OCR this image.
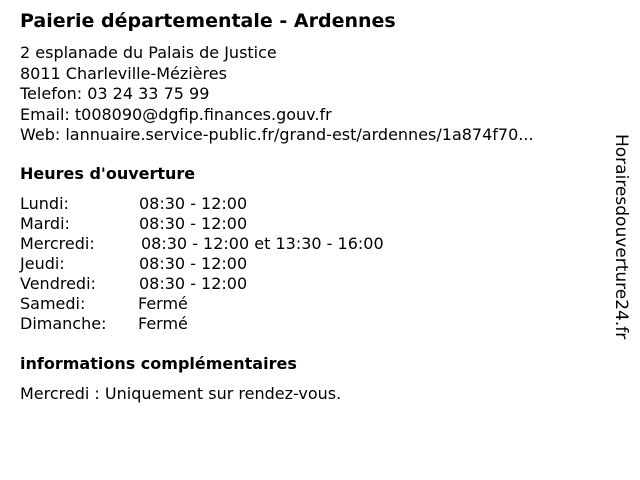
Paierie départementale - Ardennes
2 esplanade du Palais de Justice
8011 Charleville-Mézières
Telefon: 03 24 33 75 99
Email: t008090@dgfip.finances.gouv.fr
Web: lannuaire.service-public.fr/grand-est/ardennes/1a874f70...
Heures d'ouverture
Lundi:	08:30 - 12:00
Mardi:	08:30 - 12:00
Mercredi:	08:30 - 12:00 et 13:30 - 16:00
Jeudi:	08:30 - 12:00
Vendredi:	08:30 - 12:00
Samedi:	Fermé
Dimanche:	Fermé
informations complémentaires
Mercredi : Uniquement sur rendez-vous.
Horairesdouverture24.fr
